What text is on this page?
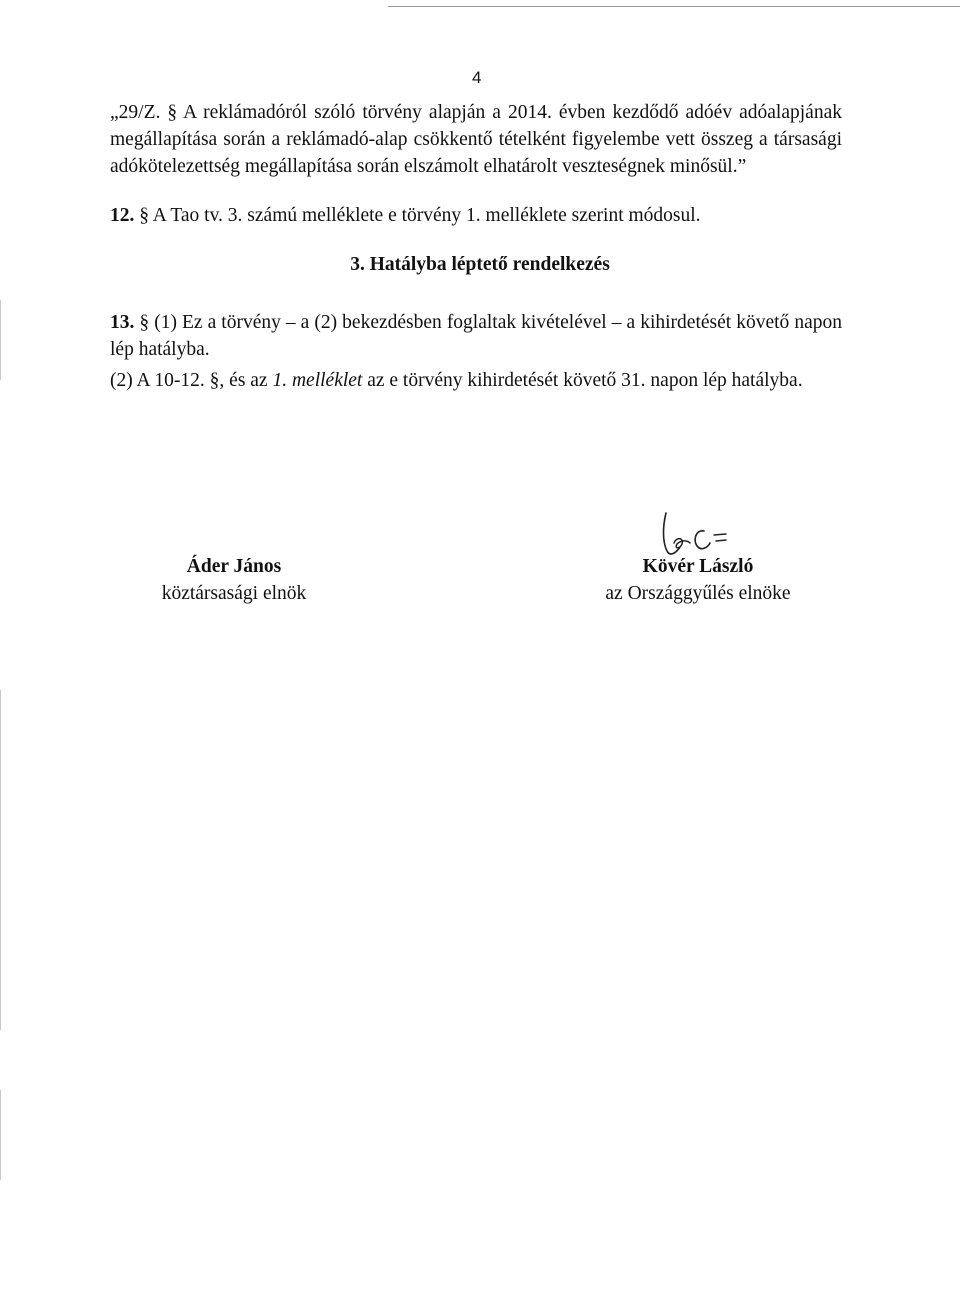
4
„29/Z. § A reklámadóról szóló törvény alapján a 2014. évben kezdődő adóév adóalapjának
megállapítása során a reklámadó-alap csökkentő tételként figyelembe vett összeg a társasági
adókötelezettség megállapítása során elszámolt elhatárolt veszteségnek minősül.”
12. § A Tao tv. 3. számú melléklete e törvény 1. melléklete szerint módosul.
3. Hatályba léptető rendelkezés
13. § (1) Ez a törvény – a (2) bekezdésben foglaltak kivételével – a kihirdetését követő napon
lép hatályba.
(2) A 10-12. §, és az 1. melléklet az e törvény kihirdetését követő 31. napon lép hatályba.
Áder János
köztársasági elnök
Kövér László
az Országgyűlés elnöke
